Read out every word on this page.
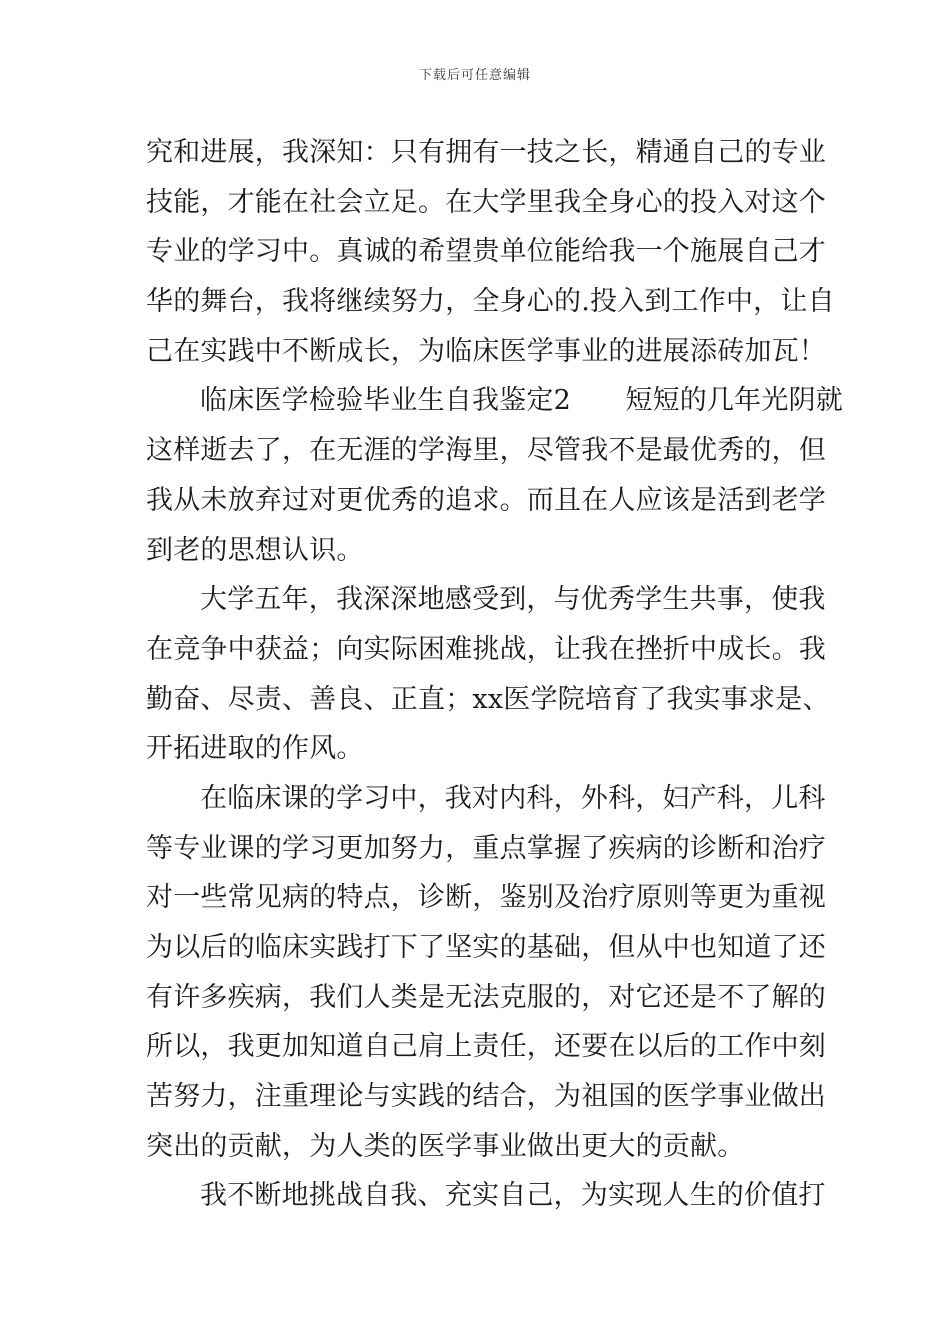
下载后可任意编辑
究和进展，我深知：只有拥有一技之长，精通自己的专业
技能，才能在社会立足。在大学里我全身心的投入对这个
专业的学习中。真诚的希望贵单位能给我一个施展自己才
华的舞台，我将继续努力，全身心的.投入到工作中，让自
己在实践中不断成长，为临床医学事业的进展添砖加瓦！
临床医学检验毕业生自我鉴定2　　短短的几年光阴就
这样逝去了，在无涯的学海里，尽管我不是最优秀的，但
我从未放弃过对更优秀的追求。而且在人应该是活到老学
到老的思想认识。
大学五年，我深深地感受到，与优秀学生共事，使我
在竞争中获益；向实际困难挑战，让我在挫折中成长。我
勤奋、尽责、善良、正直；xx医学院培育了我实事求是、
开拓进取的作风。
在临床课的学习中，我对内科，外科，妇产科，儿科
等专业课的学习更加努力，重点掌握了疾病的诊断和治疗
对一些常见病的特点，诊断，鉴别及治疗原则等更为重视
为以后的临床实践打下了坚实的基础，但从中也知道了还
有许多疾病，我们人类是无法克服的，对它还是不了解的
所以，我更加知道自己肩上责任，还要在以后的工作中刻
苦努力，注重理论与实践的结合，为祖国的医学事业做出
突出的贡献，为人类的医学事业做出更大的贡献。
我不断地挑战自我、充实自己，为实现人生的价值打
